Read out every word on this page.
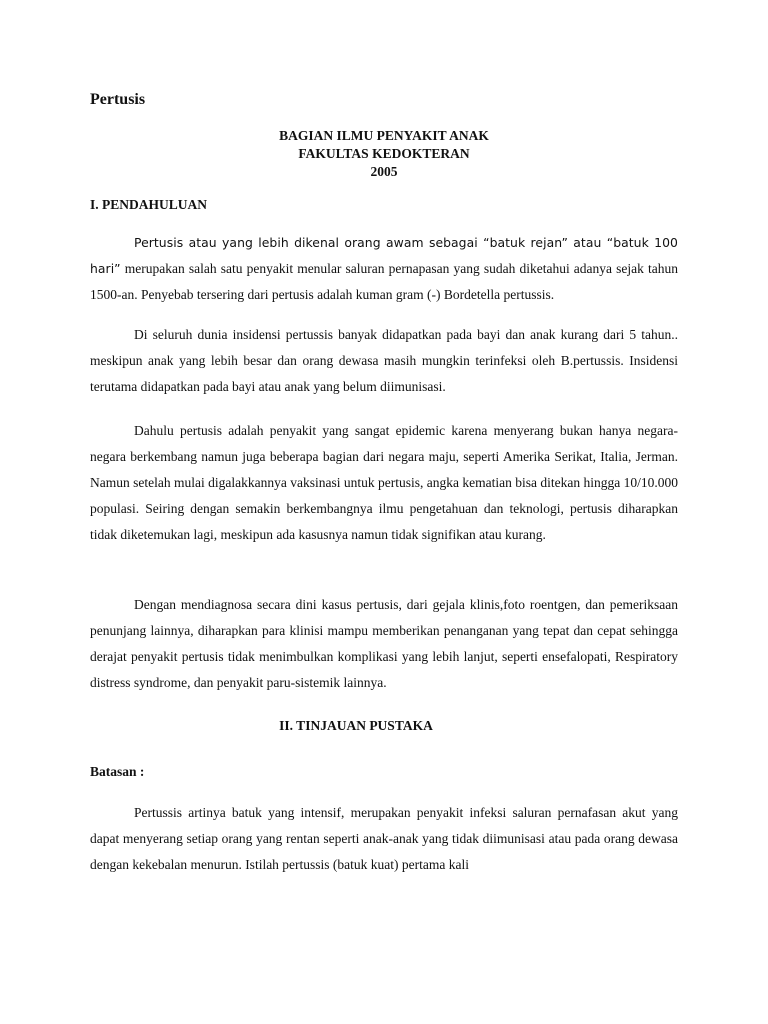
Pertusis
BAGIAN ILMU PENYAKIT ANAK
FAKULTAS KEDOKTERAN
2005
I. PENDAHULUAN

Pertusis atau yang lebih dikenal orang awam sebagai “batuk rejan” atau “batuk 100 hari” merupakan salah satu penyakit menular saluran pernapasan yang sudah diketahui adanya sejak tahun 1500-an. Penyebab tersering dari pertusis adalah kuman gram (-) Bordetella pertussis.

Di seluruh dunia insidensi pertussis banyak didapatkan pada bayi dan anak kurang dari 5 tahun.. meskipun anak yang lebih besar dan orang dewasa masih mungkin terinfeksi oleh B.pertussis. Insidensi terutama didapatkan pada bayi atau anak yang belum diimunisasi.

Dahulu pertusis adalah penyakit yang sangat epidemic karena menyerang bukan hanya negara-negara berkembang namun juga beberapa bagian dari negara maju, seperti Amerika Serikat, Italia, Jerman. Namun setelah mulai digalakkannya vaksinasi untuk pertusis, angka kematian bisa ditekan hingga 10/10.000 populasi. Seiring dengan semakin berkembangnya ilmu pengetahuan dan teknologi, pertusis diharapkan tidak diketemukan lagi, meskipun ada kasusnya namun tidak signifikan atau kurang.

Dengan mendiagnosa secara dini kasus pertusis, dari gejala klinis,foto roentgen, dan pemeriksaan penunjang lainnya, diharapkan para klinisi mampu memberikan penanganan yang tepat dan cepat sehingga derajat penyakit pertusis tidak menimbulkan komplikasi yang lebih lanjut, seperti ensefalopati, Respiratory distress syndrome, dan penyakit paru-sistemik lainnya.

II. TINJAUAN PUSTAKA
Batasan :

Pertussis artinya batuk yang intensif, merupakan penyakit infeksi saluran pernafasan akut yang dapat menyerang setiap orang yang rentan seperti anak-anak yang tidak diimunisasi atau pada orang dewasa dengan kekebalan menurun. Istilah pertussis (batuk kuat) pertama kali
